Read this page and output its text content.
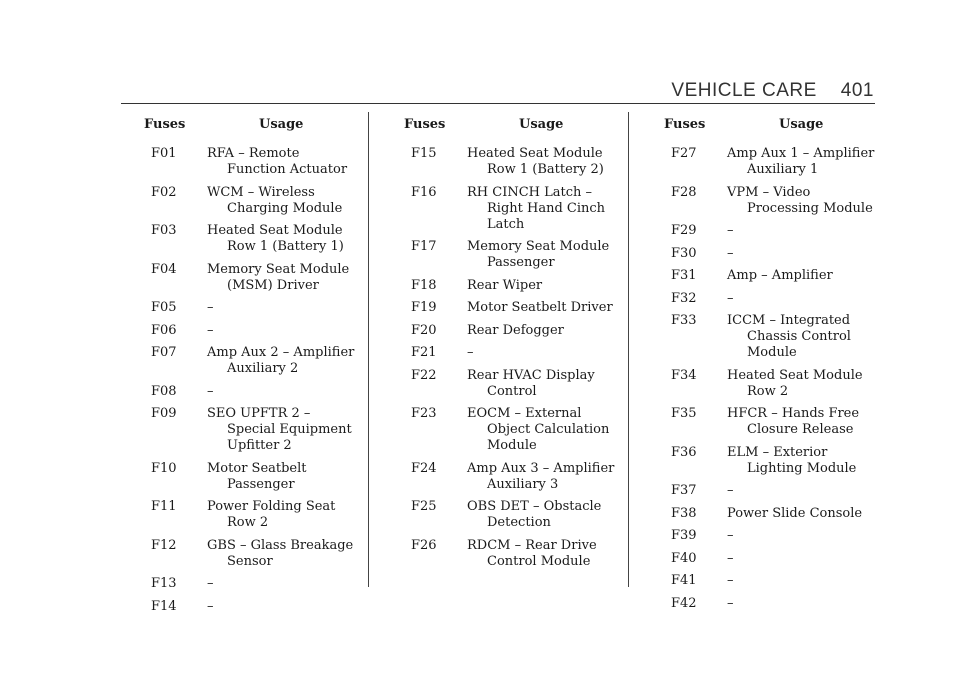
VEHICLE CARE 401
Fuses	Usage
F01	RFA – Remote Function Actuator
F02	WCM – Wireless Charging Module
F03	Heated Seat Module Row 1 (Battery 1)
F04	Memory Seat Module (MSM) Driver
F05	–
F06	–
F07	Amp Aux 2 – Amplifier Auxiliary 2
F08	–
F09	SEO UPFTR 2 – Special Equipment Upfitter 2
F10	Motor Seatbelt Passenger
F11	Power Folding Seat Row 2
F12	GBS – Glass Breakage Sensor
F13	–
F14	–
Fuses	Usage
F15	Heated Seat Module Row 1 (Battery 2)
F16	RH CINCH Latch – Right Hand Cinch Latch
F17	Memory Seat Module Passenger
F18	Rear Wiper
F19	Motor Seatbelt Driver
F20	Rear Defogger
F21	–
F22	Rear HVAC Display Control
F23	EOCM – External Object Calculation Module
F24	Amp Aux 3 – Amplifier Auxiliary 3
F25	OBS DET – Obstacle Detection
F26	RDCM – Rear Drive Control Module
Fuses	Usage
F27	Amp Aux 1 – Amplifier Auxiliary 1
F28	VPM – Video Processing Module
F29	–
F30	–
F31	Amp – Amplifier
F32	–
F33	ICCM – Integrated Chassis Control Module
F34	Heated Seat Module Row 2
F35	HFCR – Hands Free Closure Release
F36	ELM – Exterior Lighting Module
F37	–
F38	Power Slide Console
F39	–
F40	–
F41	–
F42	–
